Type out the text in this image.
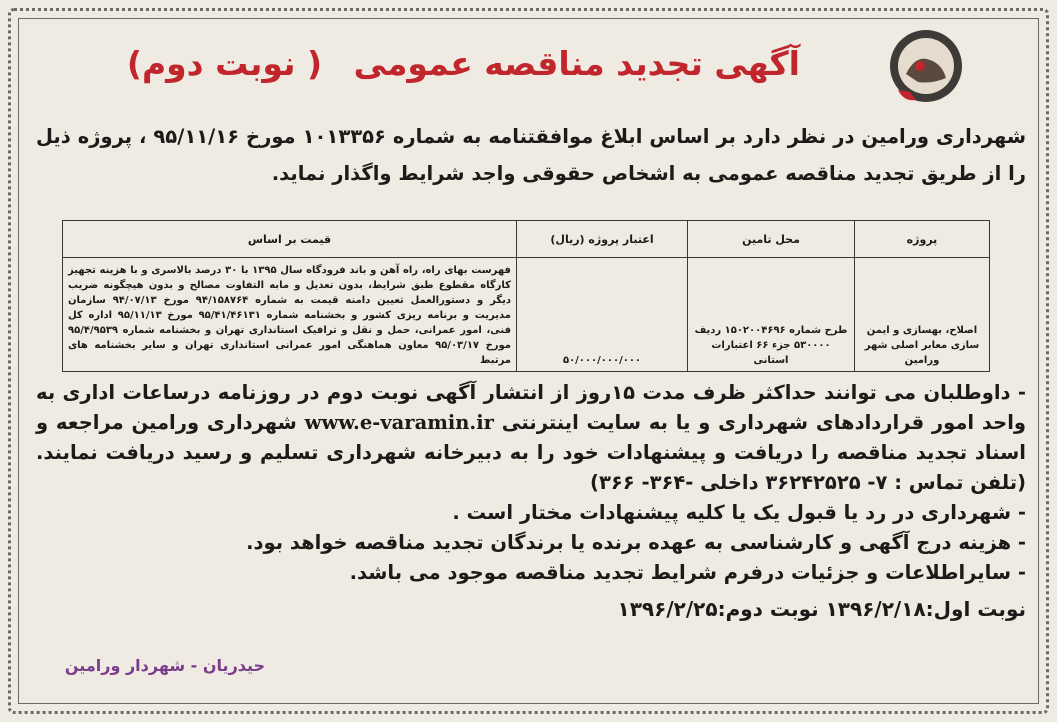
آگهی تجدید مناقصه عمومی ( نوبت دوم)
شهرداری ورامین در نظر دارد بر اساس ابلاغ موافقتنامه به شماره ۱۰۱۳۳۵۶ مورخ ۹۵/۱۱/۱۶ ، پروژه ذیل را از طریق تجدید مناقصه عمومی به اشخاص حقوقی واجد شرایط واگذار نماید.
پروژه	محل تامین	اعتبار پروژه (ریال)	قیمت بر اساس
اصلاح، بهسازی و ایمن سازی معابر اصلی شهر ورامین	طرح شماره ۱۵۰۲۰۰۴۶۹۶ ردیف ۵۳۰۰۰۰ جزء ۶۶ اعتبارات استانی	۵۰/۰۰۰/۰۰۰/۰۰۰	فهرست بهای راه، راه آهن و باند فرودگاه سال ۱۳۹۵ با ۳۰ درصد بالاسری و با هزینه تجهیز کارگاه مقطوع طبق شرایط، بدون تعدیل و مابه التفاوت مصالح و بدون هیچگونه ضریب دیگر و دستورالعمل تعیین دامنه قیمت به شماره ۹۴/۱۵۸۷۶۴ مورخ ۹۴/۰۷/۱۳ سازمان مدیریت و برنامه ریزی کشور و بخشنامه شماره ۹۵/۴۱/۴۶۱۳۱ مورخ ۹۵/۱۱/۱۳ اداره کل فنی، امور عمرانی، حمل و نقل و ترافیک استانداری تهران و بخشنامه شماره ۹۵/۴/۹۵۳۹ مورخ ۹۵/۰۳/۱۷ معاون هماهنگی امور عمرانی استانداری تهران و سایر بخشنامه های مرتبط

- داوطلبان می توانند حداکثر ظرف مدت ۱۵روز از انتشار آگهی نوبت دوم در روزنامه درساعات اداری به واحد امور قراردادهای شهرداری و یا به سایت اینترنتی www.e-varamin.ir شهرداری ورامین مراجعه و اسناد تجدید مناقصه را دریافت و پیشنهادات خود را به دبیرخانه شهرداری تسلیم و رسید دریافت نمایند. (تلفن تماس : ۷- ۳۶۲۴۲۵۲۵ داخلی -۳۶۴- ۳۶۶)

- شهرداری در رد یا قبول یک یا کلیه پیشنهادات مختار است .

- هزینه درج آگهی و کارشناسی به عهده برنده یا برندگان تجدید مناقصه خواهد بود.

- سایراطلاعات و جزئیات درفرم شرایط تجدید مناقصه موجود می باشد.

نوبت اول:۱۳۹۶/۲/۱۸ نوبت دوم:۱۳۹۶/۲/۲۵

حیدریان - شهردار ورامین
